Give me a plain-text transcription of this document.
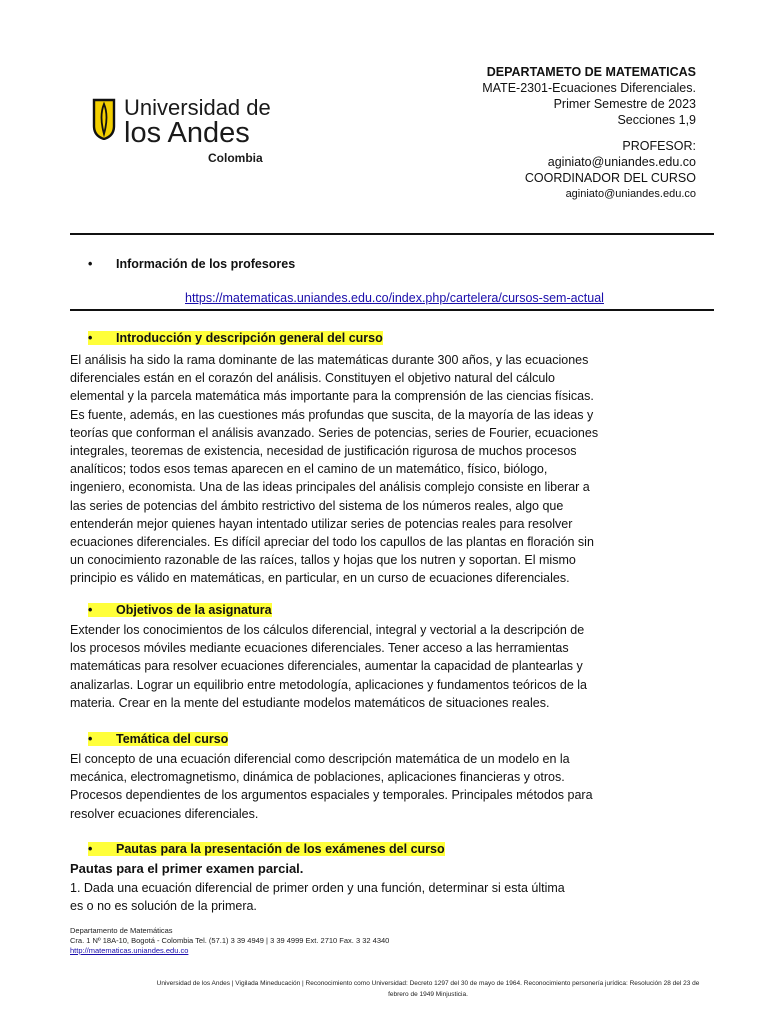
Universidad de
los Andes
Colombia
DEPARTAMETO DE MATEMATICAS
MATE-2301-Ecuaciones Diferenciales.
Primer Semestre de 2023
Secciones 1,9
PROFESOR:
aginiato@uniandes.edu.co
COORDINADOR DEL CURSO
aginiato@uniandes.edu.co
• Información de los profesores
https://matematicas.uniandes.edu.co/index.php/cartelera/cursos-sem-actual
• Introducción y descripción general del curso
El análisis ha sido la rama dominante de las matemáticas durante 300 años, y las ecuaciones
diferenciales están en el corazón del análisis. Constituyen el objetivo natural del cálculo
elemental y la parcela matemática más importante para la comprensión de las ciencias físicas.
Es fuente, además, en las cuestiones más profundas que suscita, de la mayoría de las ideas y
teorías que conforman el análisis avanzado. Series de potencias, series de Fourier, ecuaciones
integrales, teoremas de existencia, necesidad de justificación rigurosa de muchos procesos
analíticos; todos esos temas aparecen en el camino de un matemático, físico, biólogo,
ingeniero, economista. Una de las ideas principales del análisis complejo consiste en liberar a
las series de potencias del ámbito restrictivo del sistema de los números reales, algo que
entenderán mejor quienes hayan intentado utilizar series de potencias reales para resolver
ecuaciones diferenciales. Es difícil apreciar del todo los capullos de las plantas en floración sin
un conocimiento razonable de las raíces, tallos y hojas que los nutren y soportan. El mismo
principio es válido en matemáticas, en particular, en un curso de ecuaciones diferenciales.
• Objetivos de la asignatura
Extender los conocimientos de los cálculos diferencial, integral y vectorial a la descripción de
los procesos móviles mediante ecuaciones diferenciales. Tener acceso a las herramientas
matemáticas para resolver ecuaciones diferenciales, aumentar la capacidad de plantearlas y
analizarlas. Lograr un equilibrio entre metodología, aplicaciones y fundamentos teóricos de la
materia. Crear en la mente del estudiante modelos matemáticos de situaciones reales.
• Temática del curso
El concepto de una ecuación diferencial como descripción matemática de un modelo en la
mecánica, electromagnetismo, dinámica de poblaciones, aplicaciones financieras y otros.
Procesos dependientes de los argumentos espaciales y temporales. Principales métodos para
resolver ecuaciones diferenciales.
• Pautas para la presentación de los exámenes del curso
Pautas para el primer examen parcial.
1. Dada una ecuación diferencial de primer orden y una función, determinar si esta última
es o no es solución de la primera.
Departamento de Matemáticas
Cra. 1 Nº 18A-10, Bogotá - Colombia Tel. (57.1) 3 39 4949 | 3 39 4999 Ext. 2710 Fax. 3 32 4340
http://matematicas.uniandes.edu.co
Universidad de los Andes | Vigilada Mineducación | Reconocimiento como Universidad: Decreto 1297 del 30 de mayo de 1964. Reconocimiento personería jurídica: Resolución 28 del 23 de
febrero de 1949 Minjusticia.
